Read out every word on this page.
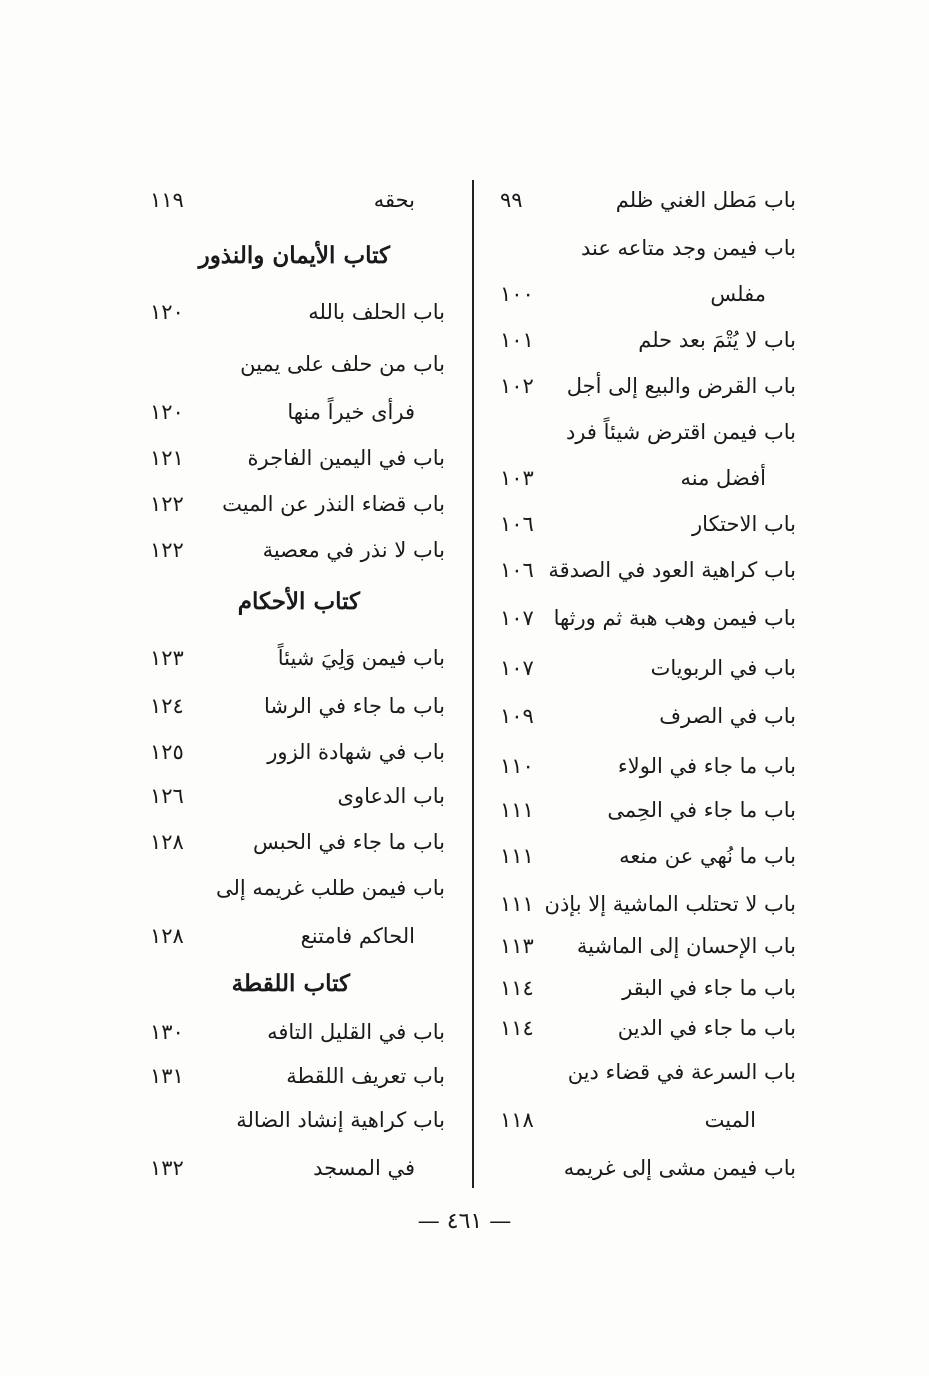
باب مَطل الغني ظلم
٩٩
باب فيمن وجد متاعه عند
مفلس
١٠٠
باب لا يُتْمَ بعد حلم
١٠١
باب القرض والبيع إلى أجل
١٠٢
باب فيمن اقترض شيئاً فرد
أفضل منه
١٠٣
باب الاحتكار
١٠٦
باب كراهية العود في الصدقة
١٠٦
باب فيمن وهب هبة ثم ورثها
١٠٧
باب في الربويات
١٠٧
باب في الصرف
١٠٩
باب ما جاء في الولاء
١١٠
باب ما جاء في الحِمى
١١١
باب ما نُهي عن منعه
١١١
باب لا تحتلب الماشية إلا بإذن
١١١
باب الإحسان إلى الماشية
١١٣
باب ما جاء في البقر
١١٤
باب ما جاء في الدين
١١٤
باب السرعة في قضاء دين
الميت
١١٨
باب فيمن مشى إلى غريمه
بحقه
١١٩
كتاب الأيمان والنذور
باب الحلف بالله
١٢٠
باب من حلف على يمين
فرأى خيراً منها
١٢٠
باب في اليمين الفاجرة
١٢١
باب قضاء النذر عن الميت
١٢٢
باب لا نذر في معصية
١٢٢
كتاب الأحكام
باب فيمن وَلِيَ شيئاً
١٢٣
باب ما جاء في الرشا
١٢٤
باب في شهادة الزور
١٢٥
باب الدعاوى
١٢٦
باب ما جاء في الحبس
١٢٨
باب فيمن طلب غريمه إلى
الحاكم فامتنع
١٢٨
كتاب اللقطة
باب في القليل التافه
١٣٠
باب تعريف اللقطة
١٣١
باب كراهية إنشاد الضالة
في المسجد
١٣٢
— ٤٦١ —
